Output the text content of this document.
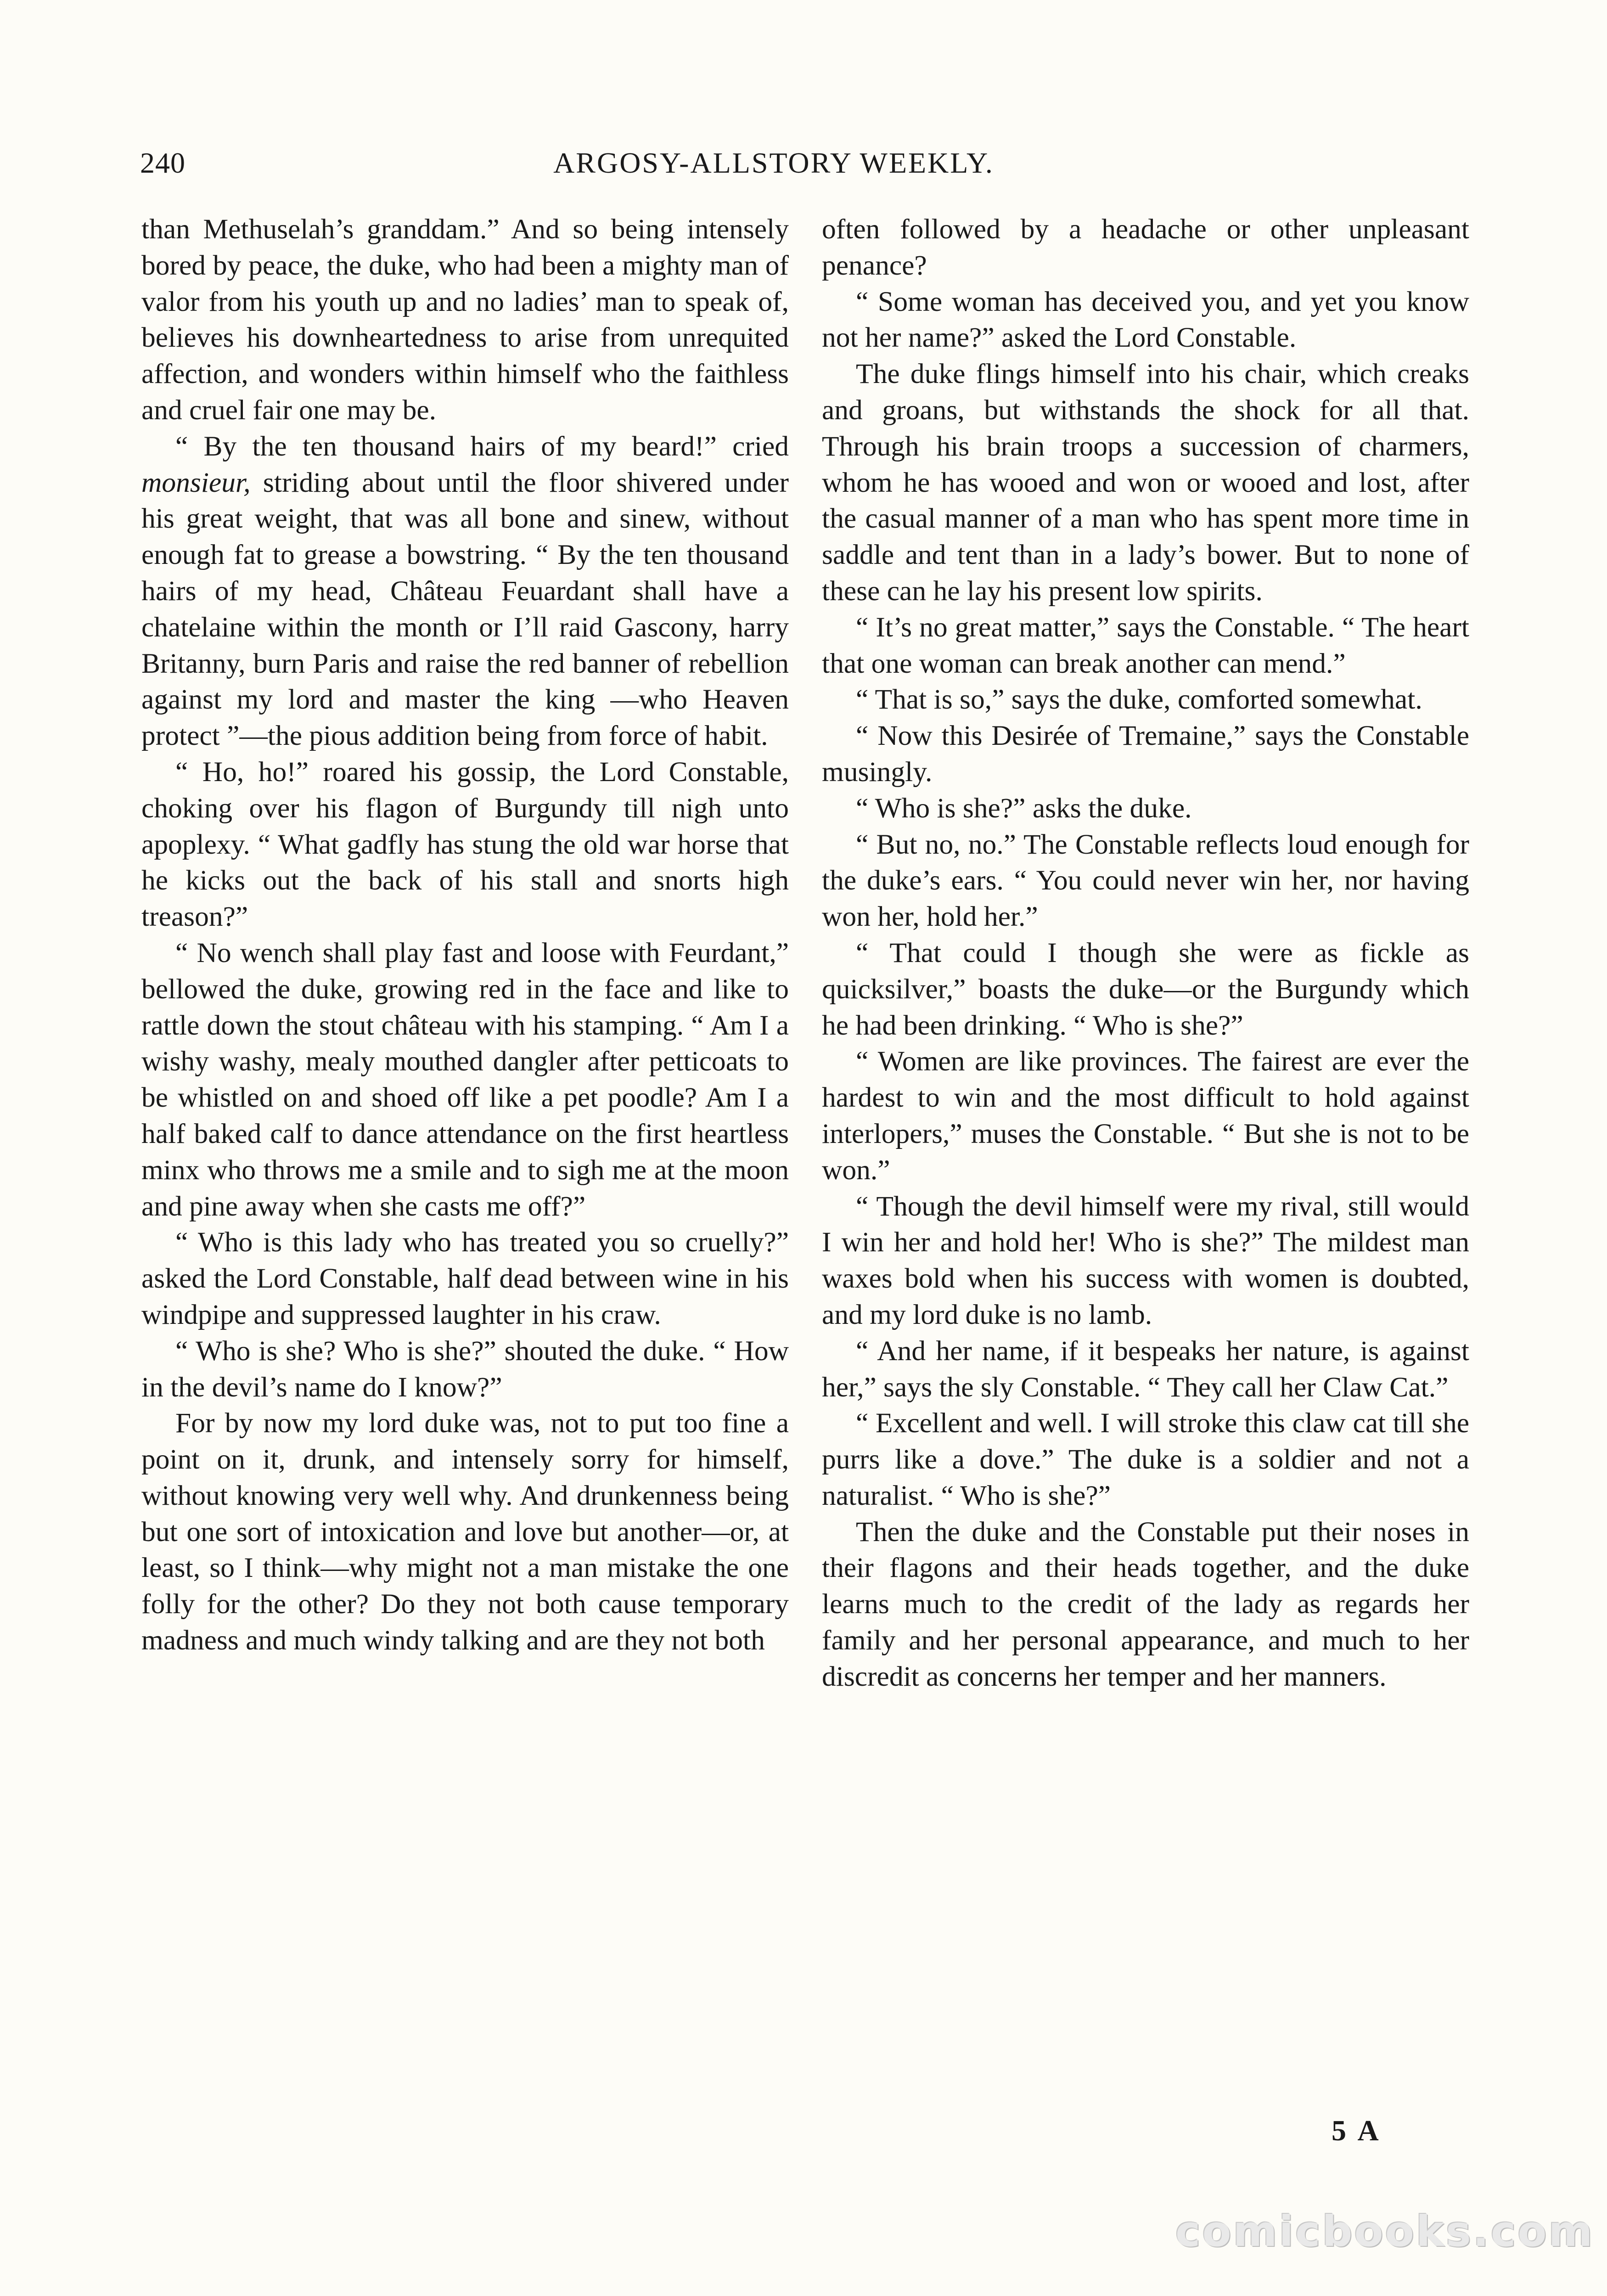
240	ARGOSY-ALLSTORY WEEKLY.

than Methuselah’s granddam.” And so being intensely bored by peace, the duke, who had been a mighty man of valor from his youth up and no ladies’ man to speak of, believes his downheartedness to arise from unrequited affection, and wonders within himself who the faithless and cruel fair one may be.

“ By the ten thousand hairs of my beard!” cried monsieur, striding about until the floor shivered under his great weight, that was all bone and sinew, without enough fat to grease a bowstring. “ By the ten thousand hairs of my head, Château Feuardant shall have a chatelaine within the month or I’ll raid Gascony, harry Britanny, burn Paris and raise the red banner of rebellion against my lord and master the king —who Heaven protect ”—the pious addition being from force of habit.

“ Ho, ho!” roared his gossip, the Lord Constable, choking over his flagon of Burgundy till nigh unto apoplexy. “ What gadfly has stung the old war horse that he kicks out the back of his stall and snorts high treason?”

“ No wench shall play fast and loose with Feurdant,” bellowed the duke, growing red in the face and like to rattle down the stout château with his stamping. “ Am I a wishy washy, mealy mouthed dangler after petticoats to be whistled on and shoed off like a pet poodle? Am I a half baked calf to dance attendance on the first heartless minx who throws me a smile and to sigh me at the moon and pine away when she casts me off?”

“ Who is this lady who has treated you so cruelly?” asked the Lord Constable, half dead between wine in his windpipe and suppressed laughter in his craw.

“ Who is she? Who is she?” shouted the duke. “ How in the devil’s name do I know?”

For by now my lord duke was, not to put too fine a point on it, drunk, and intensely sorry for himself, without knowing very well why. And drunkenness being but one sort of intoxication and love but another—or, at least, so I think—why might not a man mistake the one folly for the other? Do they not both cause temporary madness and much windy talking and are they not both

often followed by a headache or other unpleasant penance?

“ Some woman has deceived you, and yet you know not her name?” asked the Lord Constable.

The duke flings himself into his chair, which creaks and groans, but withstands the shock for all that. Through his brain troops a succession of charmers, whom he has wooed and won or wooed and lost, after the casual manner of a man who has spent more time in saddle and tent than in a lady’s bower. But to none of these can he lay his present low spirits.

“ It’s no great matter,” says the Constable. “ The heart that one woman can break another can mend.”

“ That is so,” says the duke, comforted somewhat.

“ Now this Desirée of Tremaine,” says the Constable musingly.

“ Who is she?” asks the duke.

“ But no, no.” The Constable reflects loud enough for the duke’s ears. “ You could never win her, nor having won her, hold her.”

“ That could I though she were as fickle as quicksilver,” boasts the duke—or the Burgundy which he had been drinking. “ Who is she?”

“ Women are like provinces. The fairest are ever the hardest to win and the most difficult to hold against interlopers,” muses the Constable. “ But she is not to be won.”

“ Though the devil himself were my rival, still would I win her and hold her! Who is she?” The mildest man waxes bold when his success with women is doubted, and my lord duke is no lamb.

“ And her name, if it bespeaks her nature, is against her,” says the sly Constable. “ They call her Claw Cat.”

“ Excellent and well. I will stroke this claw cat till she purrs like a dove.” The duke is a soldier and not a naturalist. “ Who is she?”

Then the duke and the Constable put their noses in their flagons and their heads together, and the duke learns much to the credit of the lady as regards her family and her personal appearance, and much to her discredit as concerns her temper and her manners.

5 A
comicbooks.com
